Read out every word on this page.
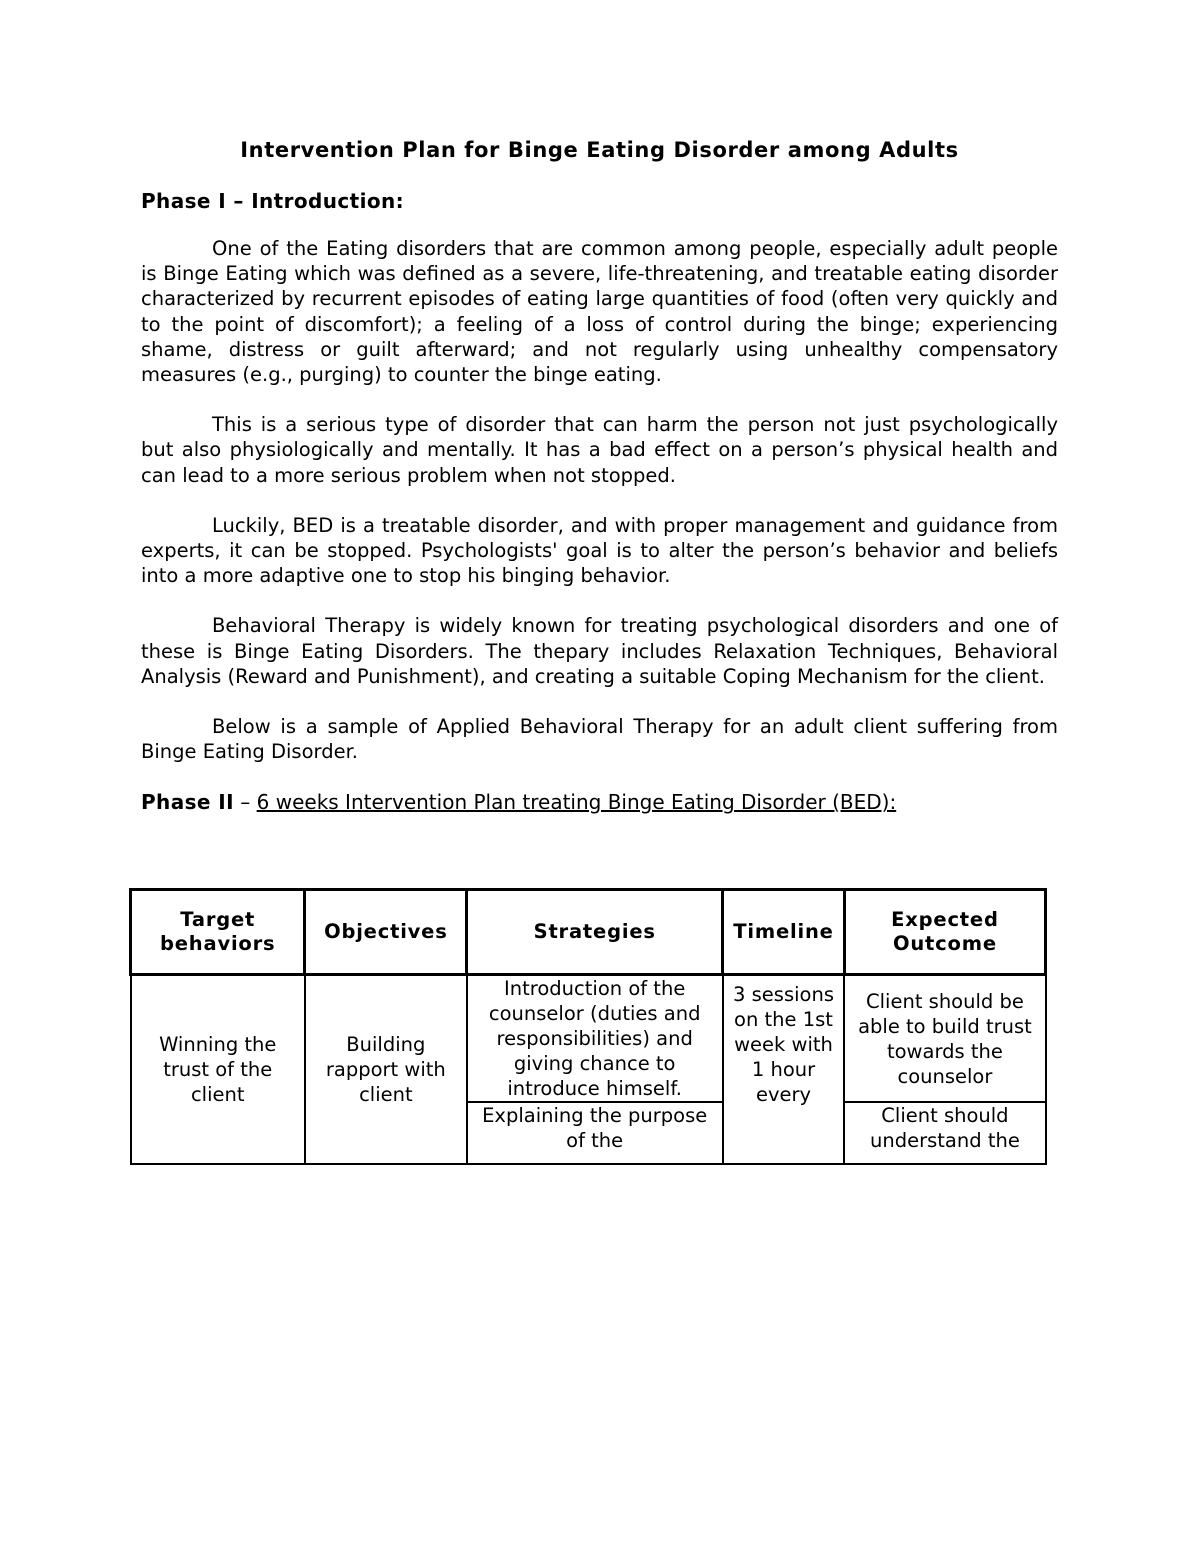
Intervention Plan for Binge Eating Disorder among Adults

Phase I – Introduction:

One of the Eating disorders that are common among people, especially adult people is Binge Eating which was defined as a severe, life-threatening, and treatable eating disorder characterized by recurrent episodes of eating large quantities of food (often very quickly and to the point of discomfort); a feeling of a loss of control during the binge; experiencing shame, distress or guilt afterward; and not regularly using unhealthy compensatory measures (e.g., purging) to counter the binge eating.

This is a serious type of disorder that can harm the person not just psychologically but also physiologically and mentally. It has a bad effect on a person’s physical health and can lead to a more serious problem when not stopped.

Luckily, BED is a treatable disorder, and with proper management and guidance from experts, it can be stopped. Psychologists' goal is to alter the person’s behavior and beliefs into a more adaptive one to stop his binging behavior.

Behavioral Therapy is widely known for treating psychological disorders and one of these is Binge Eating Disorders. The thepary includes Relaxation Techniques, Behavioral Analysis (Reward and Punishment), and creating a suitable Coping Mechanism for the client.

Below is a sample of Applied Behavioral Therapy for an adult client suffering from Binge Eating Disorder.

Phase II – 6 weeks Intervention Plan treating Binge Eating Disorder (BED):

Target behaviors	Objectives	Strategies	Timeline	Expected Outcome
Winning the trust of the client	Building rapport with client	Introduction of the counselor (duties and responsibilities) and giving chance to introduce himself.	3 sessions on the 1st week with 1 hour every	Client should be able to build trust towards the counselor

		Explaining the purpose of the		Client should understand the
